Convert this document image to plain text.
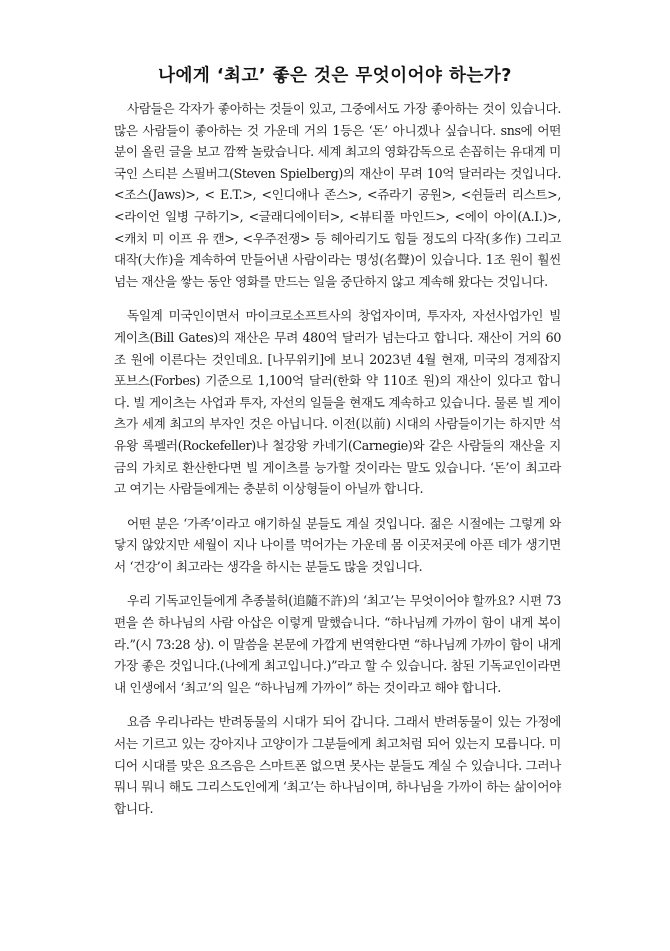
나에게 ‘최고’ 좋은 것은 무엇이어야 하는가?

사람들은 각자가 좋아하는 것들이 있고, 그중에서도 가장 좋아하는 것이 있습니다. 많은 사람들이 좋아하는 것 가운데 거의 1등은 ‘돈’ 아니겠나 싶습니다. sns에 어떤 분이 올린 글을 보고 깜짝 놀랐습니다. 세계 최고의 영화감독으로 손꼽히는 유대계 미국인 스티븐 스필버그(Steven Spielberg)의 재산이 무려 10억 달러라는 것입니다. <조스(Jaws)>, < E.T.>, <인디애나 존스>, <쥬라기 공원>, <쉰들러 리스트>, <라이언 일병 구하기>, <글래디에이터>, <뷰티풀 마인드>, <에이 아이(A.I.)>, <캐치 미 이프 유 캔>, <우주전쟁> 등 헤아리기도 힘들 정도의 다작(多作) 그리고 대작(大作)을 계속하여 만들어낸 사람이라는 명성(名聲)이 있습니다. 1조 원이 훨씬 넘는 재산을 쌓는 동안 영화를 만드는 일을 중단하지 않고 계속해 왔다는 것입니다.

독일계 미국인이면서 마이크로소프트사의 창업자이며, 투자자, 자선사업가인 빌 게이츠(Bill Gates)의 재산은 무려 480억 달러가 넘는다고 합니다. 재산이 거의 60조 원에 이른다는 것인데요. [나무위키]에 보니 2023년 4월 현재, 미국의 경제잡지 포브스(Forbes) 기준으로 1,100억 달러(한화 약 110조 원)의 재산이 있다고 합니다. 빌 게이츠는 사업과 투자, 자선의 일들을 현재도 계속하고 있습니다. 물론 빌 게이츠가 세계 최고의 부자인 것은 아닙니다. 이전(以前) 시대의 사람들이기는 하지만 석유왕 록펠러(Rockefeller)나 철강왕 카네기(Carnegie)와 같은 사람들의 재산을 지금의 가치로 환산한다면 빌 게이츠를 능가할 것이라는 말도 있습니다. ‘돈’이 최고라고 여기는 사람들에게는 충분히 이상형들이 아닐까 합니다.

어떤 분은 ‘가족’이라고 얘기하실 분들도 계실 것입니다. 젊은 시절에는 그렇게 와 닿지 않았지만 세월이 지나 나이를 먹어가는 가운데 몸 이곳저곳에 아픈 데가 생기면서 ‘건강’이 최고라는 생각을 하시는 분들도 많을 것입니다.

우리 기독교인들에게 추종불허(追隨不許)의 ‘최고’는 무엇이어야 할까요? 시편 73편을 쓴 하나님의 사람 아삽은 이렇게 말했습니다. “하나님께 가까이 함이 내게 복이라.”(시 73:28 상). 이 말씀을 본문에 가깝게 번역한다면 “하나님께 가까이 함이 내게 가장 좋은 것입니다.(나에게 최고입니다.)”라고 할 수 있습니다. 참된 기독교인이라면 내 인생에서 ‘최고’의 일은 “하나님께 가까이” 하는 것이라고 해야 합니다.

요즘 우리나라는 반려동물의 시대가 되어 갑니다. 그래서 반려동물이 있는 가정에서는 기르고 있는 강아지나 고양이가 그분들에게 최고처럼 되어 있는지 모릅니다. 미디어 시대를 맞은 요즈음은 스마트폰 없으면 못사는 분들도 계실 수 있습니다. 그러나 뭐니 뭐니 해도 그리스도인에게 ‘최고’는 하나님이며, 하나님을 가까이 하는 삶이어야 합니다.
